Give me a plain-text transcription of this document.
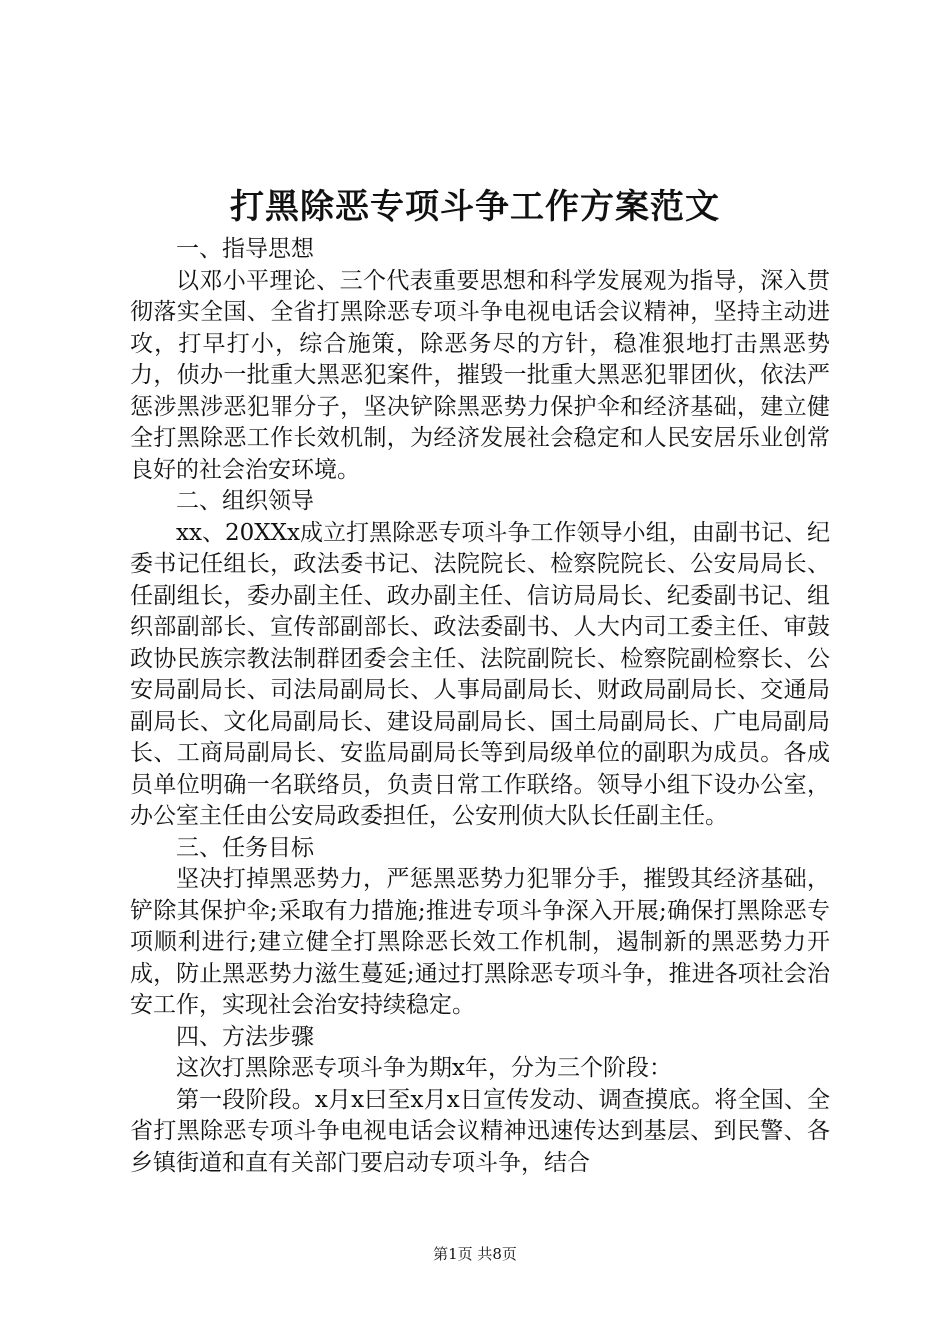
打黑除恶专项斗争工作方案范文

一、指导思想

以邓小平理论、三个代表重要思想和科学发展观为指导，深入贯彻落实全国、全省打黑除恶专项斗争电视电话会议精神，坚持主动进攻，打早打小，综合施策，除恶务尽的方针，稳准狠地打击黑恶势力，侦办一批重大黑恶犯案件，摧毁一批重大黑恶犯罪团伙，依法严惩涉黑涉恶犯罪分子，坚决铲除黑恶势力保护伞和经济基础，建立健全打黑除恶工作长效机制，为经济发展社会稳定和人民安居乐业创常良好的社会治安环境。

二、组织领导

xx、20XXx成立打黑除恶专项斗争工作领导小组，由副书记、纪委书记任组长，政法委书记、法院院长、检察院院长、公安局局长、任副组长，委办副主任、政办副主任、信访局局长、纪委副书记、组织部副部长、宣传部副部长、政法委副书、人大内司工委主任、审鼓政协民族宗教法制群团委会主任、法院副院长、检察院副检察长、公安局副局长、司法局副局长、人事局副局长、财政局副局长、交通局副局长、文化局副局长、建设局副局长、国土局副局长、广电局副局长、工商局副局长、安监局副局长等到局级单位的副职为成员。各成员单位明确一名联络员，负责日常工作联络。领导小组下设办公室，办公室主任由公安局政委担任，公安刑侦大队长任副主任。

三、任务目标

坚决打掉黑恶势力，严惩黑恶势力犯罪分手，摧毁其经济基础，铲除其保护伞;采取有力措施;推进专项斗争深入开展;确保打黑除恶专项顺利进行;建立健全打黑除恶长效工作机制，遏制新的黑恶势力开成，防止黑恶势力滋生蔓延;通过打黑除恶专项斗争，推进各项社会治安工作，实现社会治安持续稳定。

四、方法步骤

这次打黑除恶专项斗争为期x年，分为三个阶段：

第一段阶段。x月x曰至x月x日宣传发动、调查摸底。将全国、全省打黑除恶专项斗争电视电话会议精神迅速传达到基层、到民警、各乡镇街道和直有关部门要启动专项斗争，结合

第1页 共8页
